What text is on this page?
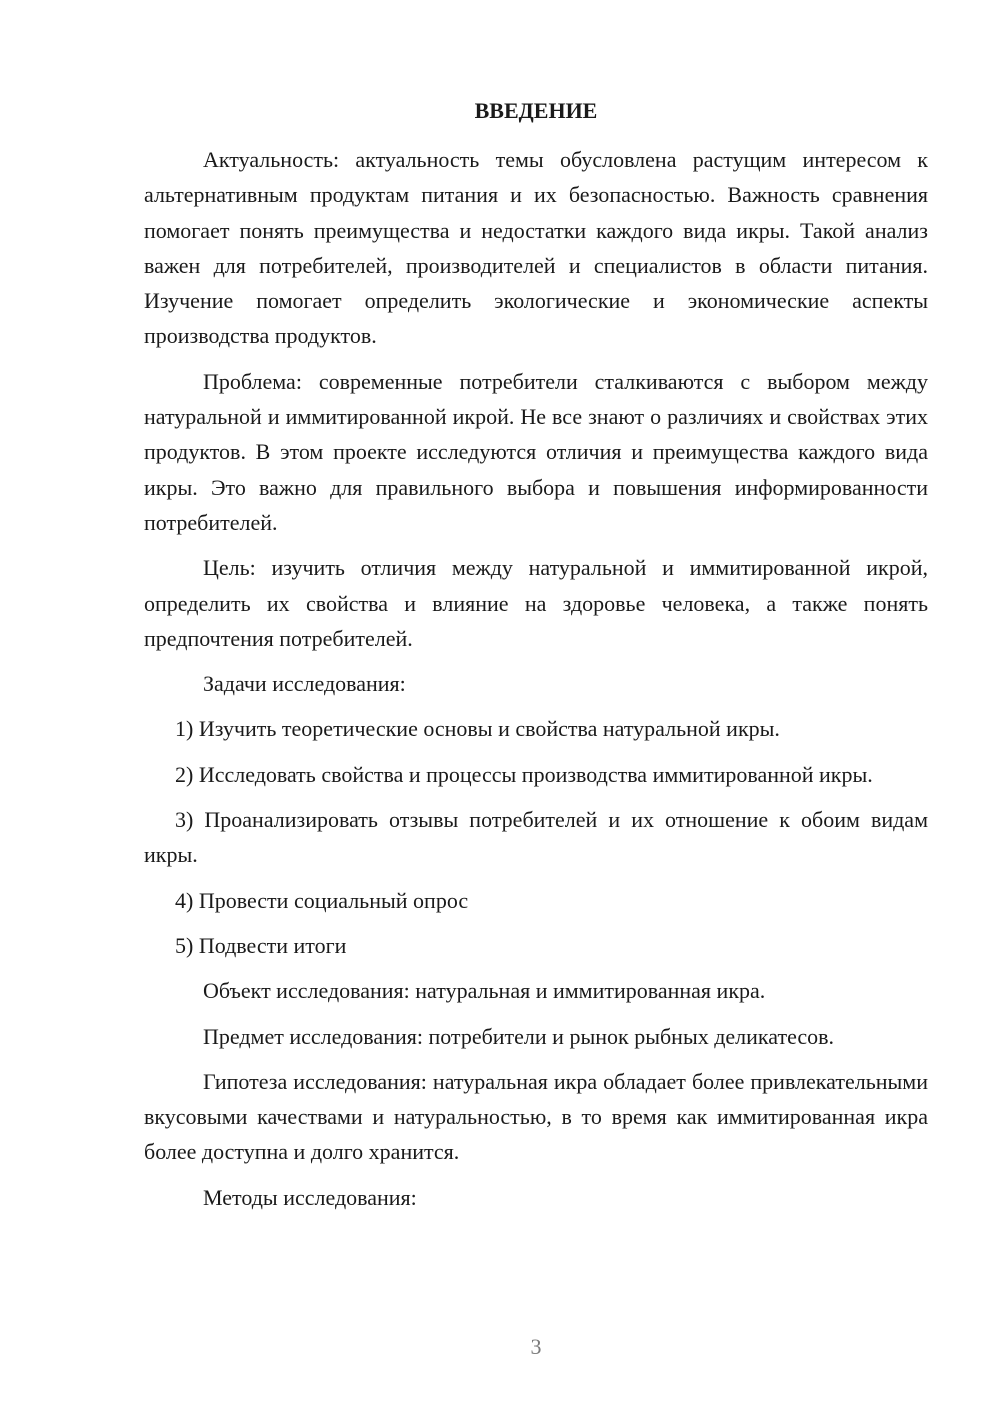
ВВЕДЕНИЕ

Актуальность: актуальность темы обусловлена растущим интересом к альтернативным продуктам питания и их безопасностью. Важность сравнения помогает понять преимущества и недостатки каждого вида икры. Такой анализ важен для потребителей, производителей и специалистов в области питания. Изучение помогает определить экологические и экономические аспекты производства продуктов.

Проблема: современные потребители сталкиваются с выбором между натуральной и иммитированной икрой. Не все знают о различиях и свойствах этих продуктов. В этом проекте исследуются отличия и преимущества каждого вида икры. Это важно для правильного выбора и повышения информированности потребителей.

Цель: изучить отличия между натуральной и иммитированной икрой, определить их свойства и влияние на здоровье человека, а также понять предпочтения потребителей.

Задачи исследования:

1) Изучить теоретические основы и свойства натуральной икры.

2) Исследовать свойства и процессы производства иммитированной икры.

3) Проанализировать отзывы потребителей и их отношение к обоим видам икры.

4) Провести социальный опрос

5) Подвести итоги

Объект исследования: натуральная и иммитированная икра.

Предмет исследования: потребители и рынок рыбных деликатесов.

Гипотеза исследования: натуральная икра обладает более привлекательными вкусовыми качествами и натуральностью, в то время как иммитированная икра более доступна и долго хранится.

Методы исследования:

3
